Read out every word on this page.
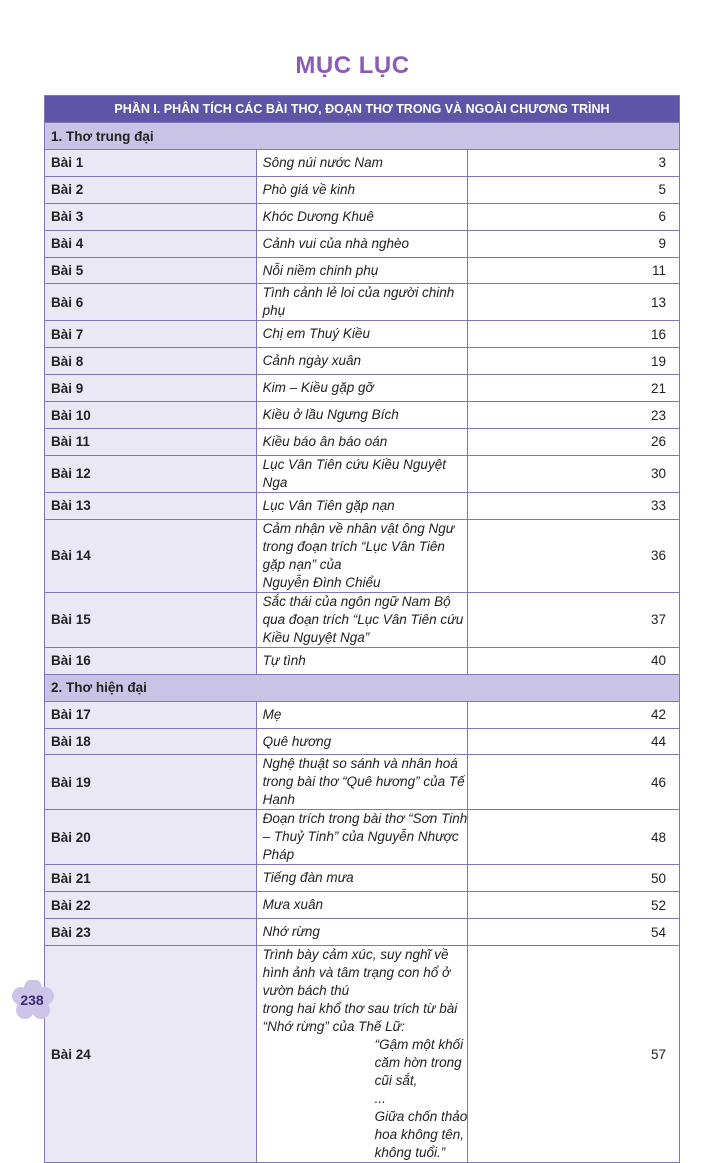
MỤC LỤC
PHẦN I. PHÂN TÍCH CÁC BÀI THƠ, ĐOẠN THƠ TRONG VÀ NGOÀI CHƯƠNG TRÌNH		
1. Thơ trung đại		
Bài 1	Sông núi nước Nam	3
Bài 2	Phò giá về kinh	5
Bài 3	Khóc Dương Khuê	6
Bài 4	Cảnh vui của nhà nghèo	9
Bài 5	Nỗi niềm chinh phụ	11
Bài 6	Tình cảnh lẻ loi của người chinh phụ	13
Bài 7	Chị em Thuý Kiều	16
Bài 8	Cảnh ngày xuân	19
Bài 9	Kim – Kiều gặp gỡ	21
Bài 10	Kiều ở lầu Ngưng Bích	23
Bài 11	Kiều báo ân báo oán	26
Bài 12	Lục Vân Tiên cứu Kiều Nguyệt Nga	30
Bài 13	Lục Vân Tiên gặp nạn	33
Bài 14	Cảm nhận về nhân vật ông Ngư trong đoạn trích “Lục Vân Tiên gặp nạn” của
Nguyễn Đình Chiểu	36
Bài 15	Sắc thái của ngôn ngữ Nam Bộ qua đoạn trích “Lục Vân Tiên cứu Kiều Nguyệt Nga”	37
Bài 16	Tự tình	40
2. Thơ hiện đại		
Bài 17	Mẹ	42
Bài 18	Quê hương	44
Bài 19	Nghệ thuật so sánh và nhân hoá trong bài thơ “Quê hương” của Tế Hanh	46
Bài 20	Đoạn trích trong bài thơ “Sơn Tinh – Thuỷ Tinh” của Nguyễn Nhược Pháp	48
Bài 21	Tiếng đàn mưa	50
Bài 22	Mưa xuân	52
Bài 23	Nhớ rừng	54
Bài 24	Trình bày cảm xúc, suy nghĩ về hình ảnh và tâm trạng con hổ ở vườn bách thú
trong hai khổ thơ sau trích từ bài “Nhớ rừng” của Thế Lữ:
“Gậm một khối căm hờn trong cũi sắt,
...
Giữa chốn thảo hoa không tên, không tuổi.”	57
238
